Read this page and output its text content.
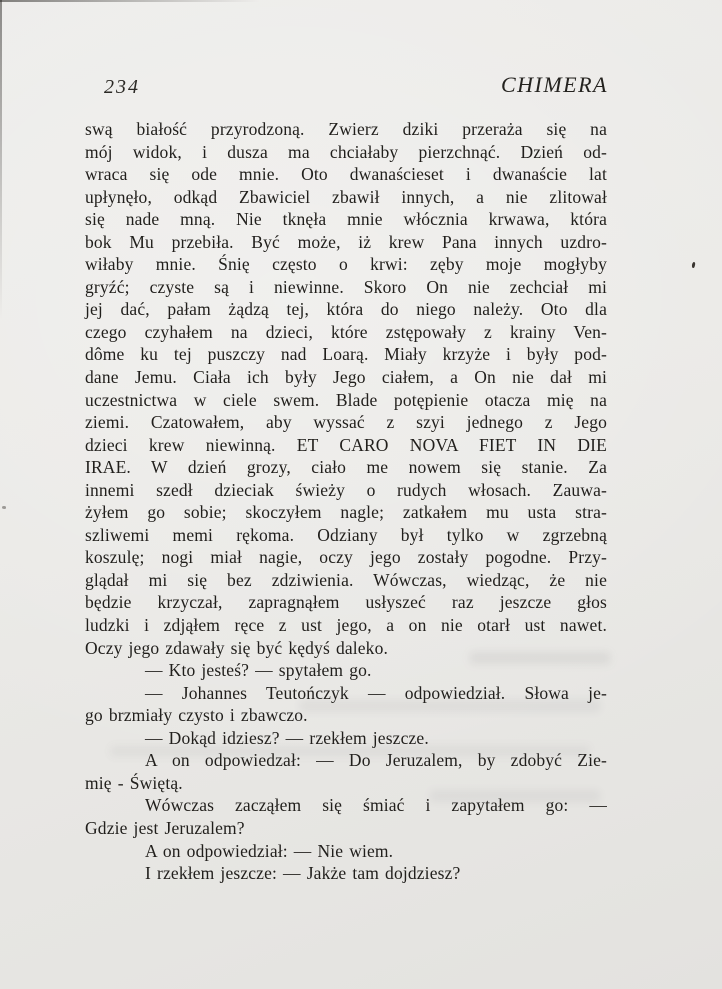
234	CHIMERA
swą białość przyrodzoną. Zwierz dziki przeraża się na
mój widok, i dusza ma chciałaby pierzchnąć. Dzień od-
wraca się ode mnie. Oto dwanaścieset i dwanaście lat
upłynęło, odkąd Zbawiciel zbawił innych, a nie zlitował
się nade mną. Nie tknęła mnie włócznia krwawa, która
bok Mu przebiła. Być może, iż krew Pana innych uzdro-
wiłaby mnie. Śnię często o krwi: zęby moje mogłyby
gryźć; czyste są i niewinne. Skoro On nie zechciał mi
jej dać, pałam żądzą tej, która do niego należy. Oto dla
czego czyhałem na dzieci, które zstępowały z krainy Ven-
dôme ku tej puszczy nad Loarą. Miały krzyże i były pod-
dane Jemu. Ciała ich były Jego ciałem, a On nie dał mi
uczestnictwa w ciele swem. Blade potępienie otacza mię na
ziemi. Czatowałem, aby wyssać z szyi jednego z Jego
dzieci krew niewinną. ET CARO NOVA FIET IN DIE
IRAE. W dzień grozy, ciało me nowem się stanie. Za
innemi szedł dzieciak świeży o rudych włosach. Zauwa-
żyłem go sobie; skoczyłem nagle; zatkałem mu usta stra-
szliwemi memi rękoma. Odziany był tylko w zgrzebną
koszulę; nogi miał nagie, oczy jego zostały pogodne. Przy-
glądał mi się bez zdziwienia. Wówczas, wiedząc, że nie
będzie krzyczał, zapragnąłem usłyszeć raz jeszcze głos
ludzki i zdjąłem ręce z ust jego, a on nie otarł ust nawet.
Oczy jego zdawały się być kędyś daleko.
— Kto jesteś? — spytałem go.
— Johannes Teutończyk — odpowiedział. Słowa je-
go brzmiały czysto i zbawczo.
— Dokąd idziesz? — rzekłem jeszcze.
A on odpowiedzał: — Do Jeruzalem, by zdobyć Zie-
mię - Świętą.
Wówczas zacząłem się śmiać i zapytałem go: —
Gdzie jest Jeruzalem?
A on odpowiedział: — Nie wiem.
I rzekłem jeszcze: — Jakże tam dojdziesz?
